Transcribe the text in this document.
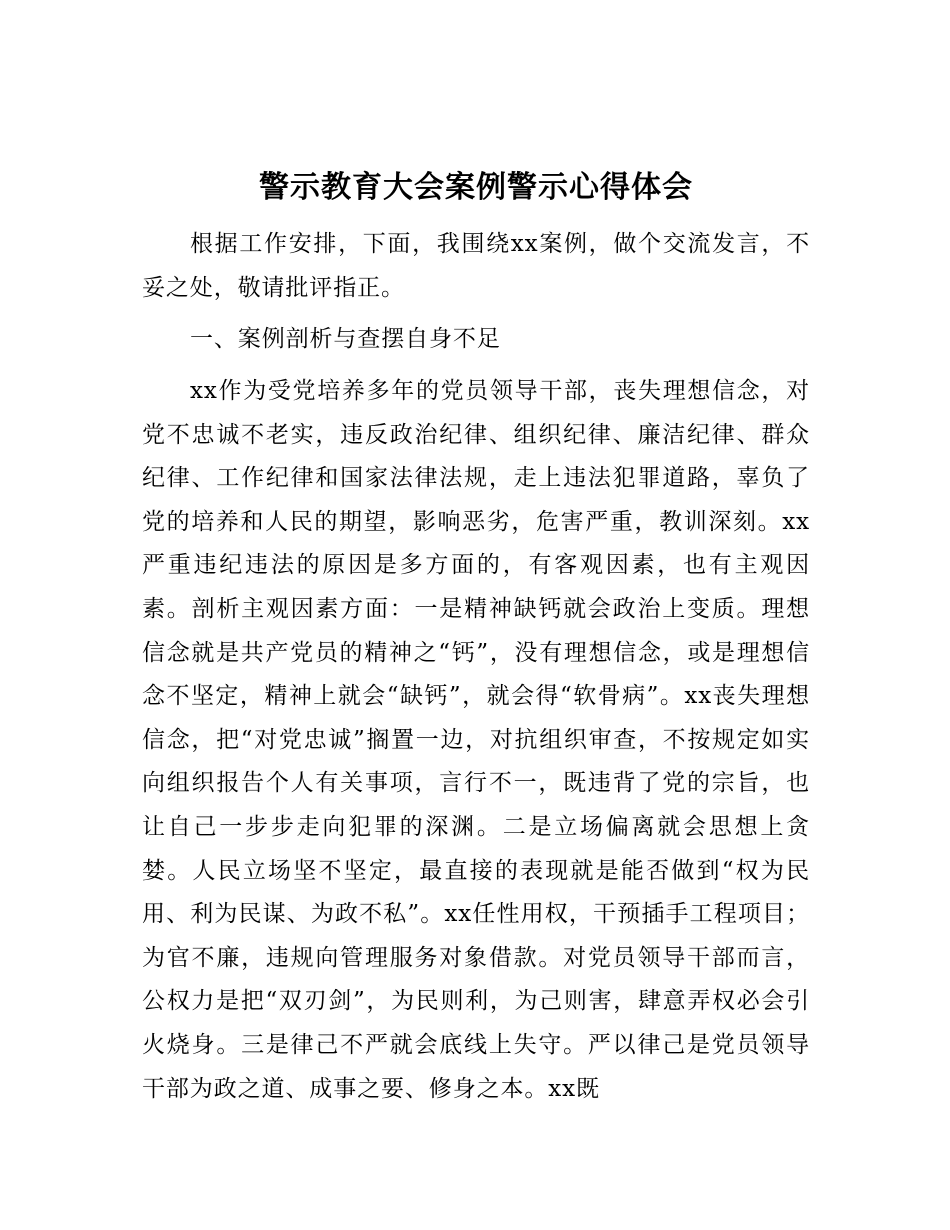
警示教育大会案例警示心得体会

根据工作安排，下面，我围绕xx案例，做个交流发言，不妥之处，敬请批评指正。

一、案例剖析与查摆自身不足

xx作为受党培养多年的党员领导干部，丧失理想信念，对党不忠诚不老实，违反政治纪律、组织纪律、廉洁纪律、群众纪律、工作纪律和国家法律法规，走上违法犯罪道路，辜负了党的培养和人民的期望，影响恶劣，危害严重，教训深刻。xx严重违纪违法的原因是多方面的，有客观因素，也有主观因素。剖析主观因素方面：一是精神缺钙就会政治上变质。理想信念就是共产党员的精神之“钙”，没有理想信念，或是理想信念不坚定，精神上就会“缺钙”，就会得“软骨病”。xx丧失理想信念，把“对党忠诚”搁置一边，对抗组织审查，不按规定如实向组织报告个人有关事项，言行不一，既违背了党的宗旨，也让自己一步步走向犯罪的深渊。二是立场偏离就会思想上贪婪。人民立场坚不坚定，最直接的表现就是能否做到“权为民用、利为民谋、为政不私”。xx任性用权，干预插手工程项目；为官不廉，违规向管理服务对象借款。对党员领导干部而言，公权力是把“双刃剑”，为民则利，为己则害，肆意弄权必会引火烧身。三是律己不严就会底线上失守。严以律己是党员领导干部为政之道、成事之要、修身之本。xx既
